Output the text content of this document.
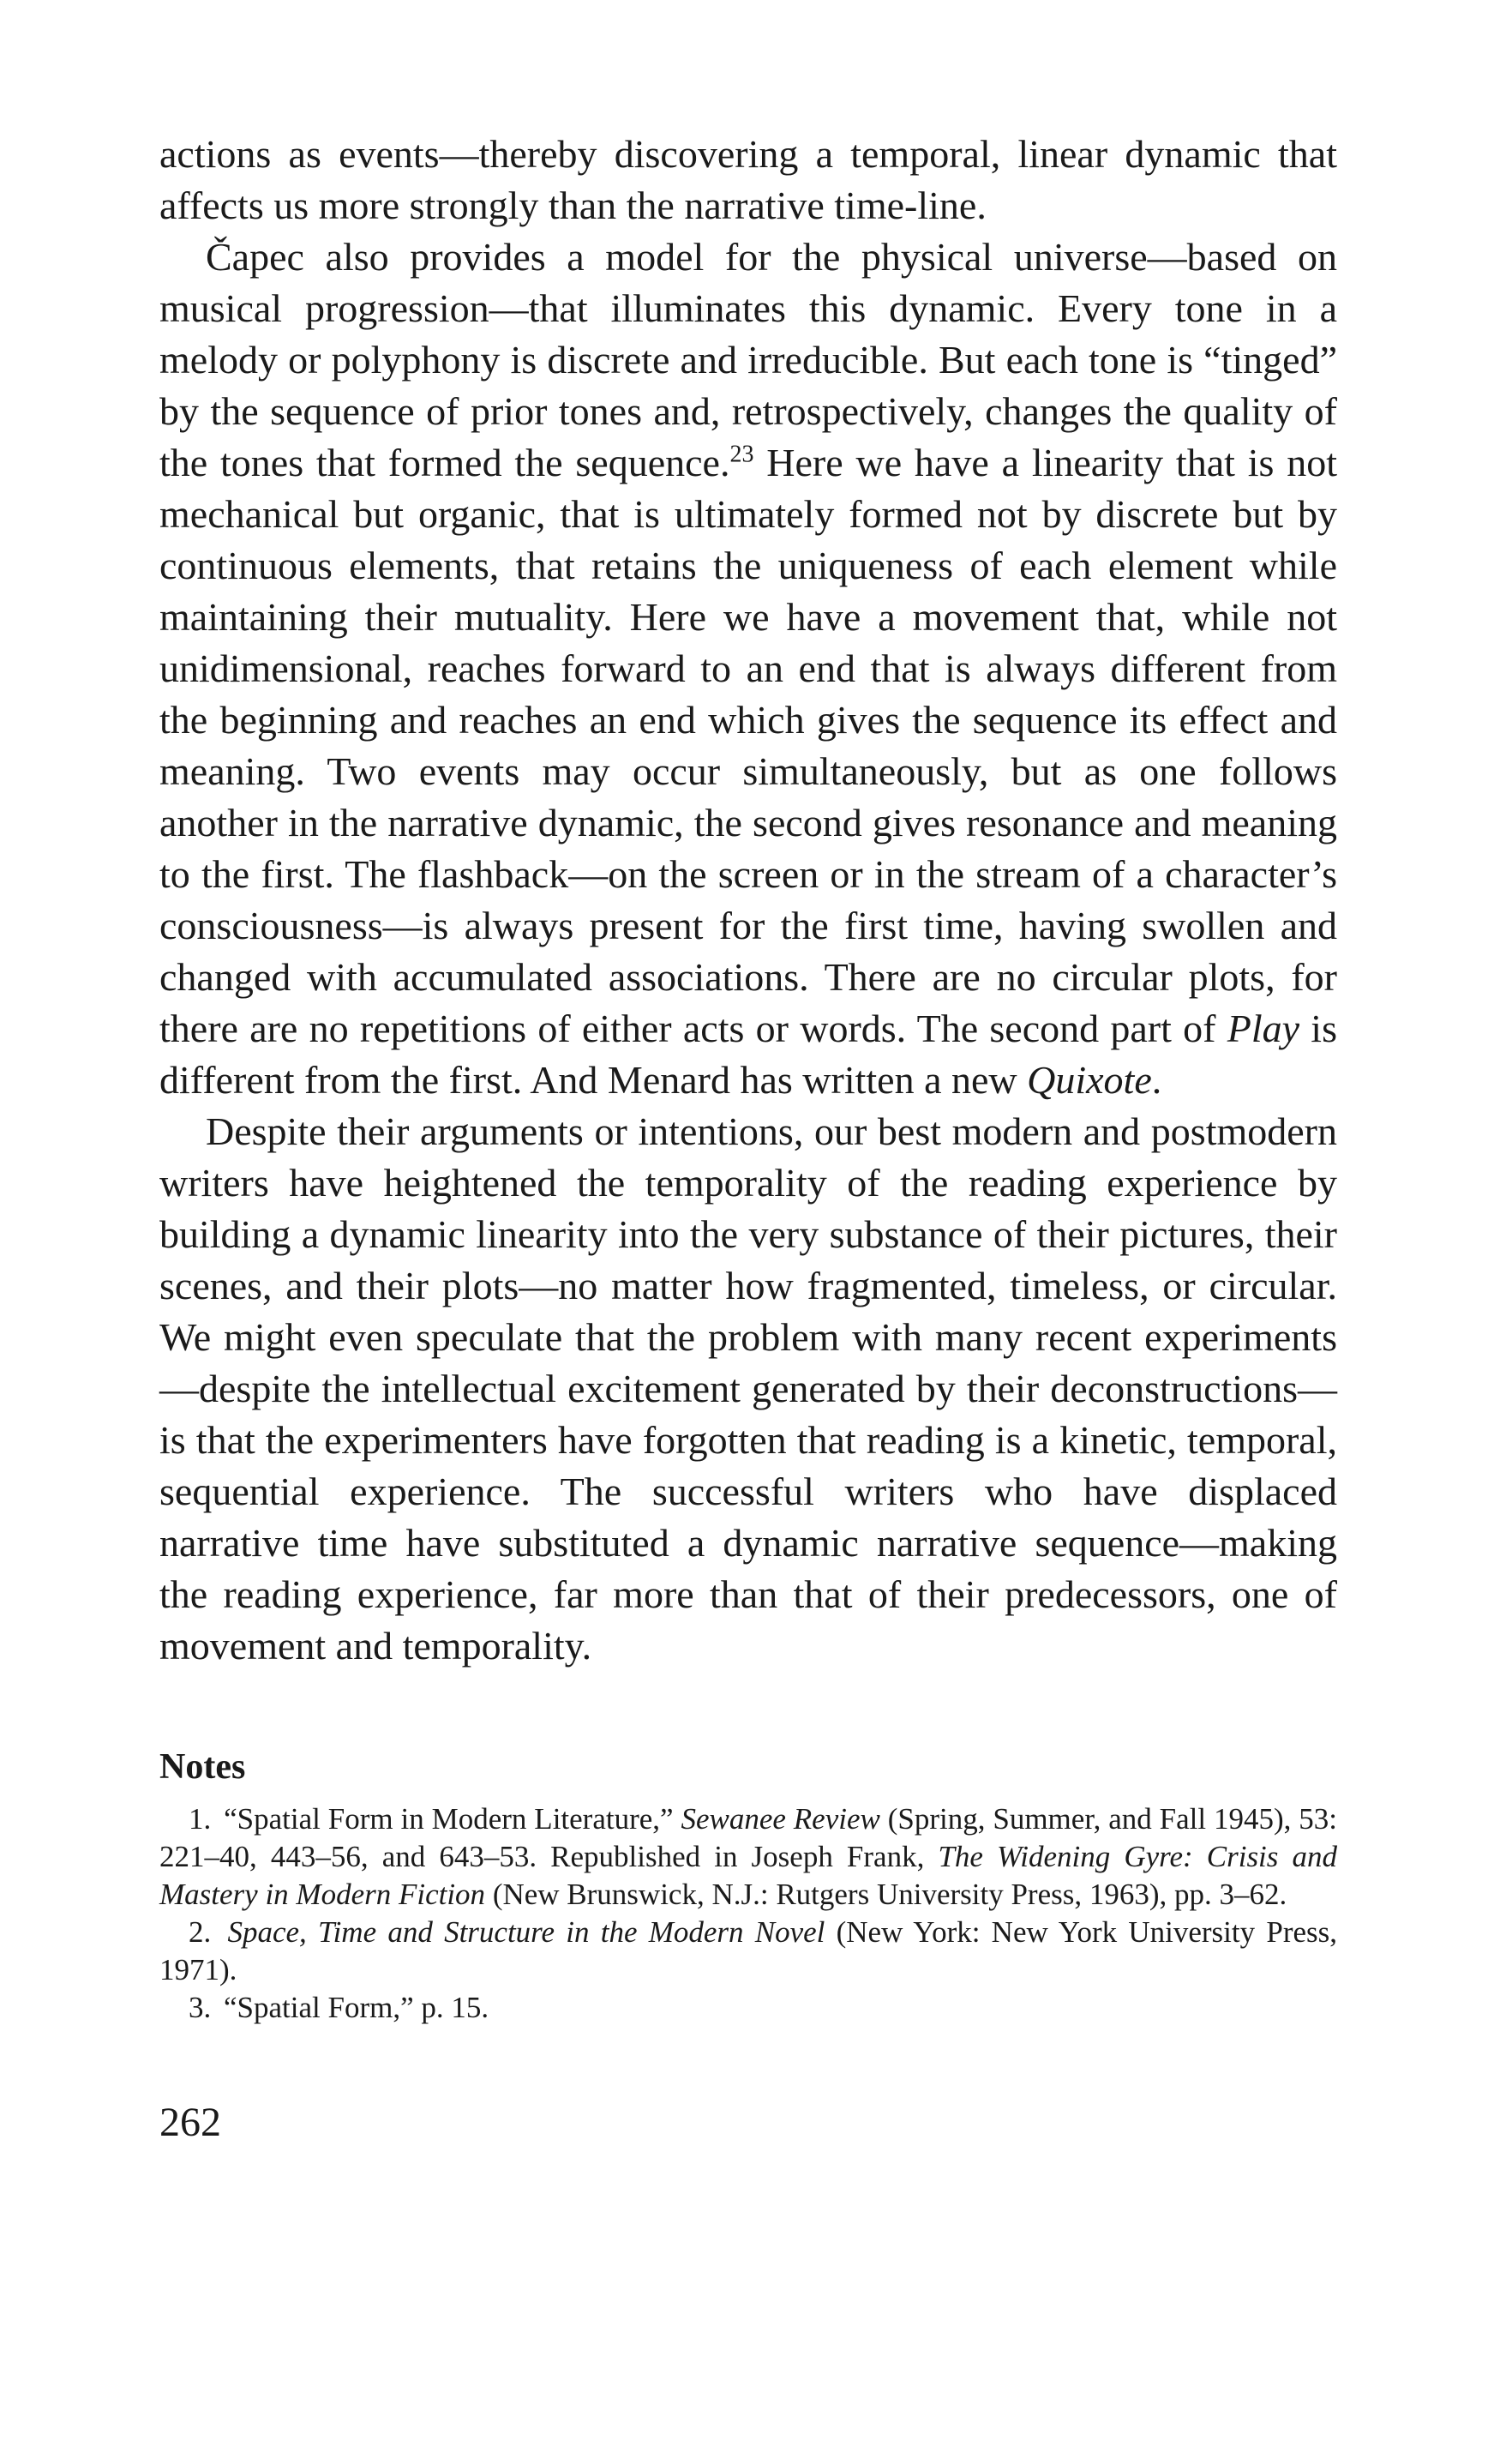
actions as events—thereby discovering a temporal, linear dynamic that affects us more strongly than the narrative time-line.

Čapec also provides a model for the physical universe—based on musical progression—that illuminates this dynamic. Every tone in a melody or polyphony is discrete and irreducible. But each tone is “tinged” by the sequence of prior tones and, retrospectively, changes the quality of the tones that formed the sequence.$^{23}$ Here we have a linearity that is not mechanical but organic, that is ultimately formed not by discrete but by continuous elements, that retains the uniqueness of each element while maintaining their mutuality. Here we have a movement that, while not unidimensional, reaches forward to an end that is always different from the beginning and reaches an end which gives the sequence its effect and meaning. Two events may occur simultaneously, but as one follows another in the narrative dynamic, the second gives resonance and meaning to the first. The flashback—on the screen or in the stream of a character’s consciousness—is always present for the first time, having swollen and changed with accumulated associations. There are no circular plots, for there are no repetitions of either acts or words. The second part of Play is different from the first. And Menard has written a new Quixote.

Despite their arguments or intentions, our best modern and postmodern writers have heightened the temporality of the reading experience by building a dynamic linearity into the very substance of their pictures, their scenes, and their plots—no matter how fragmented, timeless, or circular. We might even speculate that the problem with many recent experiments—despite the intellectual excitement generated by their deconstructions—is that the experimenters have forgotten that reading is a kinetic, temporal, sequential experience. The successful writers who have displaced narrative time have substituted a dynamic narrative sequence—making the reading experience, far more than that of their predecessors, one of movement and temporality.

Notes

1. “Spatial Form in Modern Literature,” Sewanee Review (Spring, Summer, and Fall 1945), 53: 221–40, 443–56, and 643–53. Republished in Joseph Frank, The Widening Gyre: Crisis and Mastery in Modern Fiction (New Brunswick, N.J.: Rutgers University Press, 1963), pp. 3–62.

2. Space, Time and Structure in the Modern Novel (New York: New York University Press, 1971).

3. “Spatial Form,” p. 15.

262
